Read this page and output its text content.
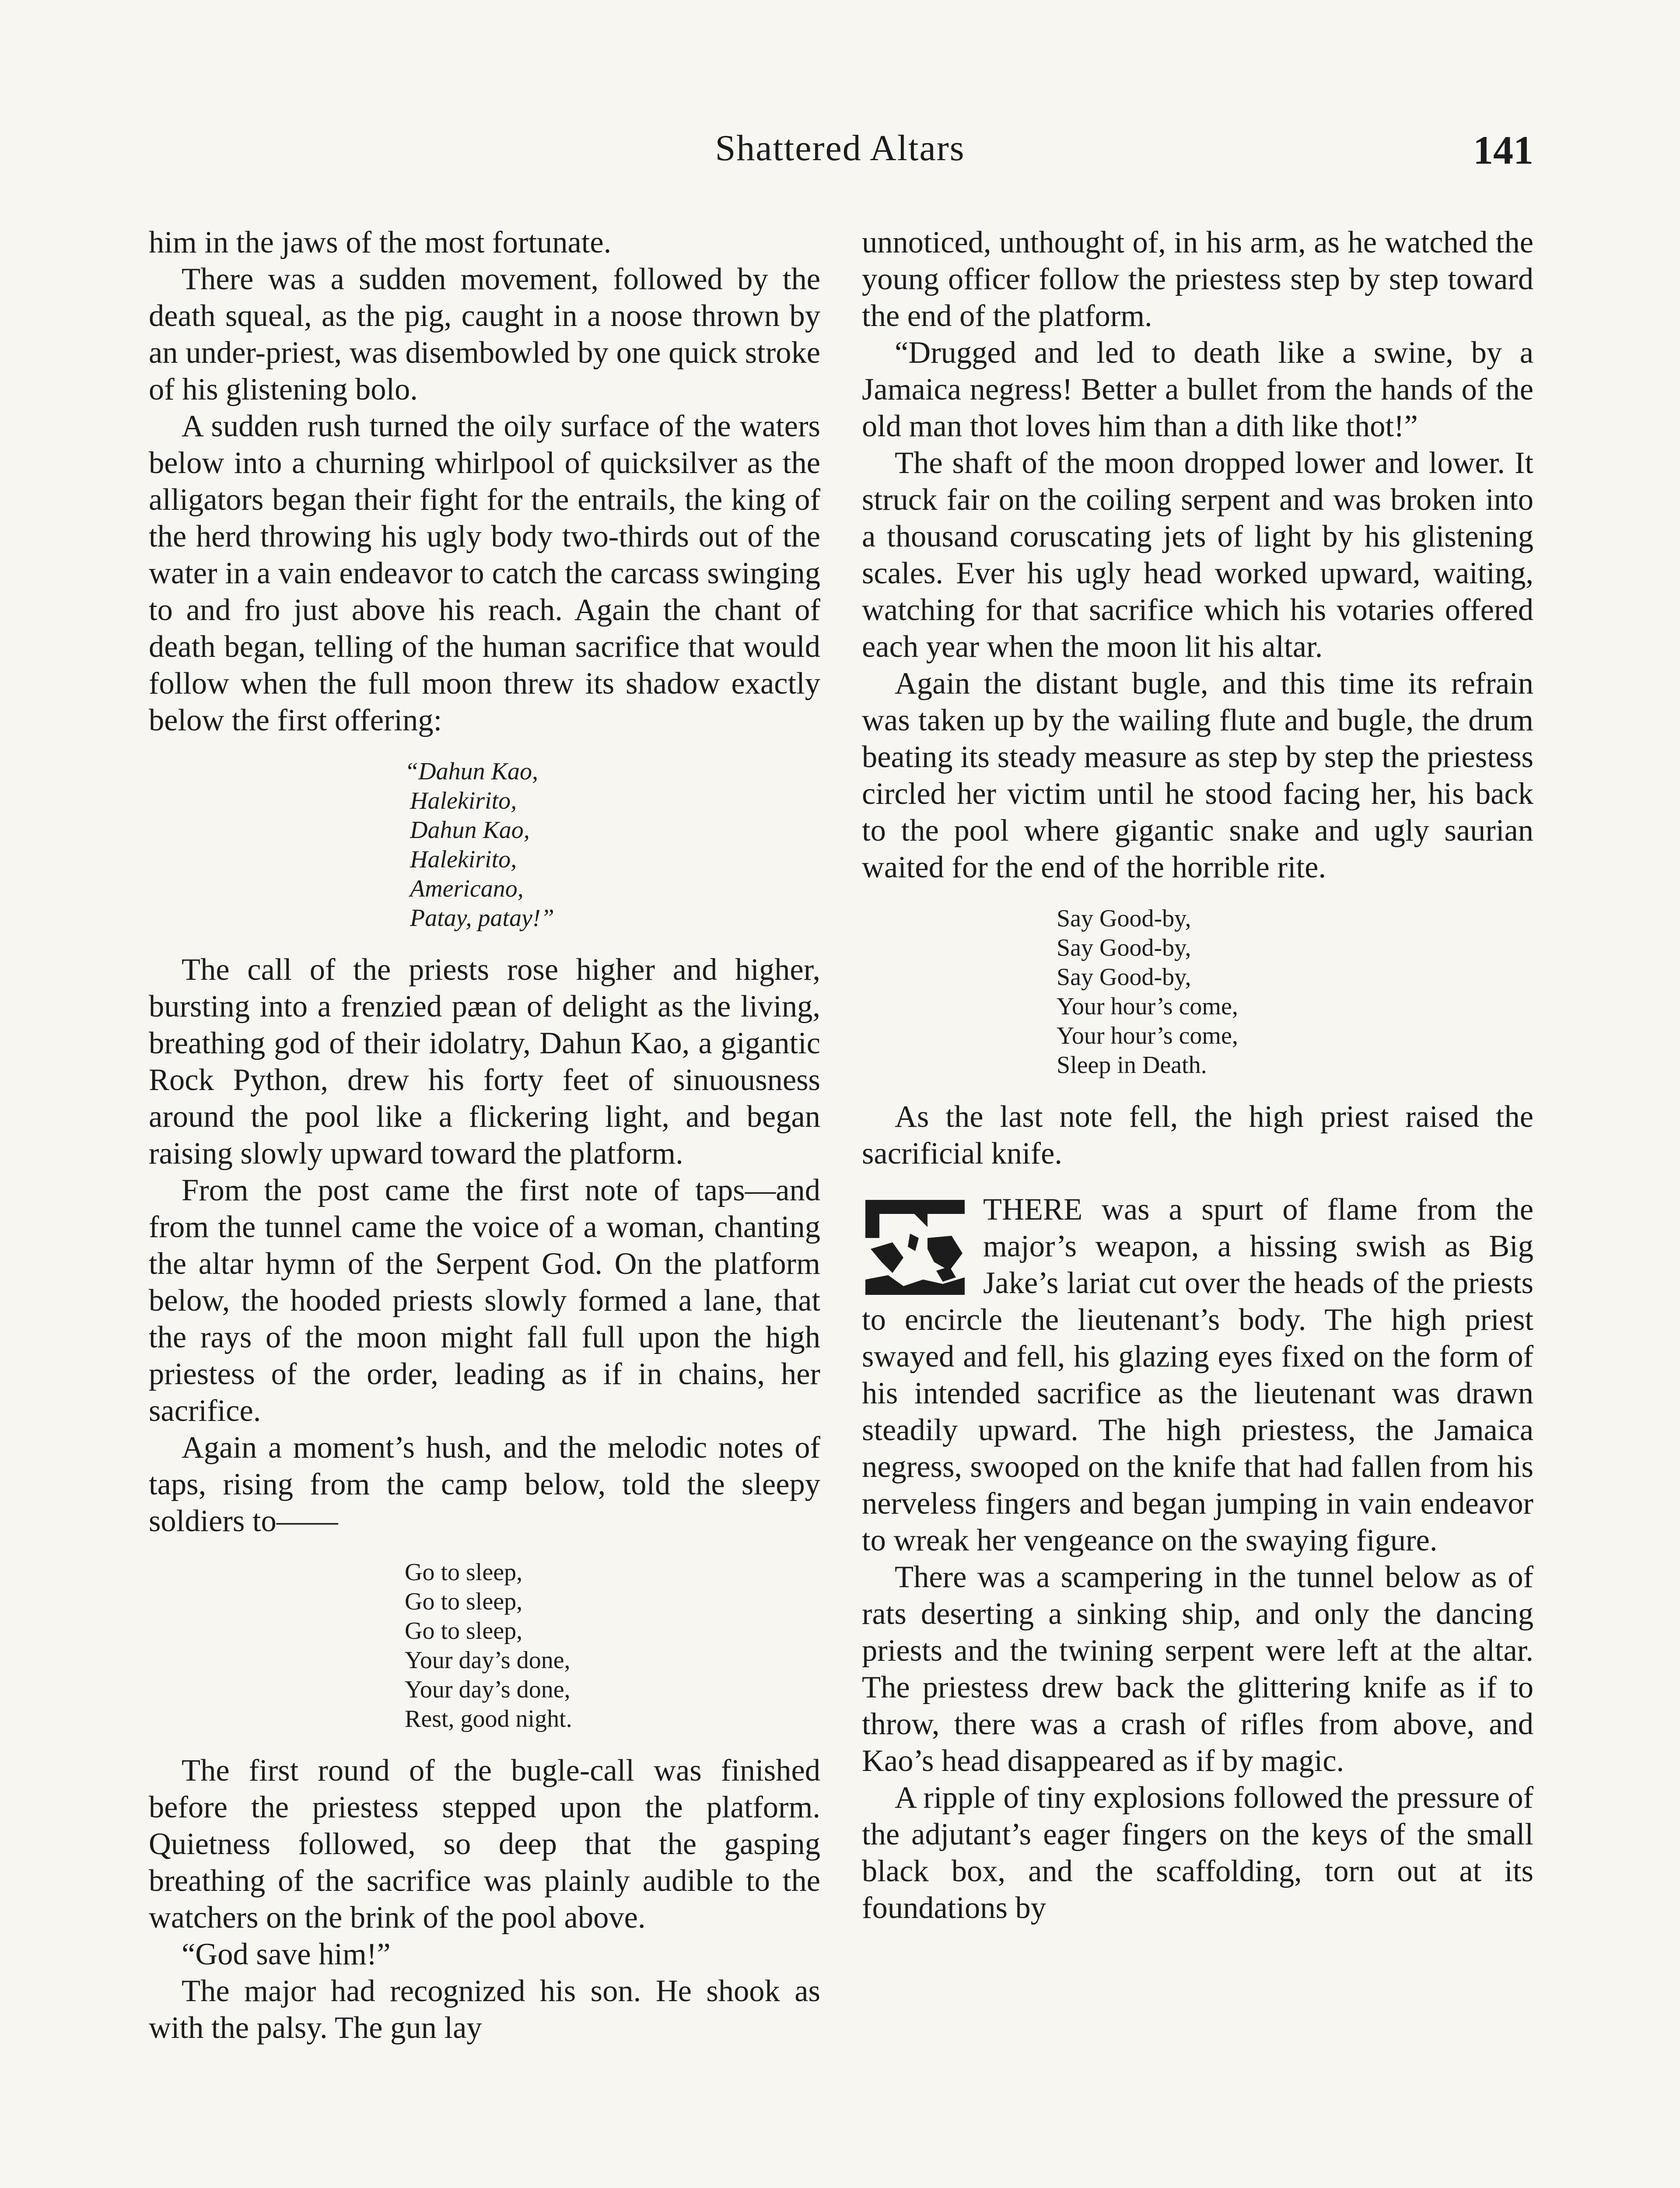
Shattered Altars	141

him in the jaws of the most fortunate.

There was a sudden movement, followed by the death squeal, as the pig, caught in a noose thrown by an under-priest, was disembowled by one quick stroke of his glistening bolo.

A sudden rush turned the oily surface of the waters below into a churning whirlpool of quicksilver as the alligators began their fight for the entrails, the king of the herd throwing his ugly body two-thirds out of the water in a vain endeavor to catch the carcass swinging to and fro just above his reach. Again the chant of death began, telling of the human sacrifice that would follow when the full moon threw its shadow exactly below the first offering:

“Dahun Kao,
Halekirito,
Dahun Kao,
Halekirito,
Americano,
Patay, patay!”

The call of the priests rose higher and higher, bursting into a frenzied pæan of delight as the living, breathing god of their idolatry, Dahun Kao, a gigantic Rock Python, drew his forty feet of sinuousness around the pool like a flickering light, and began raising slowly upward toward the platform.

From the post came the first note of taps—and from the tunnel came the voice of a woman, chanting the altar hymn of the Serpent God. On the platform below, the hooded priests slowly formed a lane, that the rays of the moon might fall full upon the high priestess of the order, leading as if in chains, her sacrifice.

Again a moment’s hush, and the melodic notes of taps, rising from the camp below, told the sleepy soldiers to——

Go to sleep,
Go to sleep,
Go to sleep,
Your day’s done,
Your day’s done,
Rest, good night.

The first round of the bugle-call was finished before the priestess stepped upon the platform. Quietness followed, so deep that the gasping breathing of the sacrifice was plainly audible to the watchers on the brink of the pool above.

“God save him!”

The major had recognized his son. He shook as with the palsy. The gun lay

unnoticed, unthought of, in his arm, as he watched the young officer follow the priestess step by step toward the end of the platform.

“Drugged and led to death like a swine, by a Jamaica negress! Better a bullet from the hands of the old man thot loves him than a dith like thot!”

The shaft of the moon dropped lower and lower. It struck fair on the coiling serpent and was broken into a thousand coruscating jets of light by his glistening scales. Ever his ugly head worked upward, waiting, watching for that sacrifice which his votaries offered each year when the moon lit his altar.

Again the distant bugle, and this time its refrain was taken up by the wailing flute and bugle, the drum beating its steady measure as step by step the priestess circled her victim until he stood facing her, his back to the pool where gigantic snake and ugly saurian waited for the end of the horrible rite.

Say Good-by,
Say Good-by,
Say Good-by,
Your hour’s come,
Your hour’s come,
Sleep in Death.

As the last note fell, the high priest raised the sacrificial knife.

THERE was a spurt of flame from the major’s weapon, a hissing swish as Big Jake’s lariat cut over the heads of the priests to encircle the lieutenant’s body. The high priest swayed and fell, his glazing eyes fixed on the form of his intended sacrifice as the lieutenant was drawn steadily upward. The high priestess, the Jamaica negress, swooped on the knife that had fallen from his nerveless fingers and began jumping in vain endeavor to wreak her vengeance on the swaying figure.

There was a scampering in the tunnel below as of rats deserting a sinking ship, and only the dancing priests and the twining serpent were left at the altar. The priestess drew back the glittering knife as if to throw, there was a crash of rifles from above, and Kao’s head disappeared as if by magic.

A ripple of tiny explosions followed the pressure of the adjutant’s eager fingers on the keys of the small black box, and the scaffolding, torn out at its foundations by
